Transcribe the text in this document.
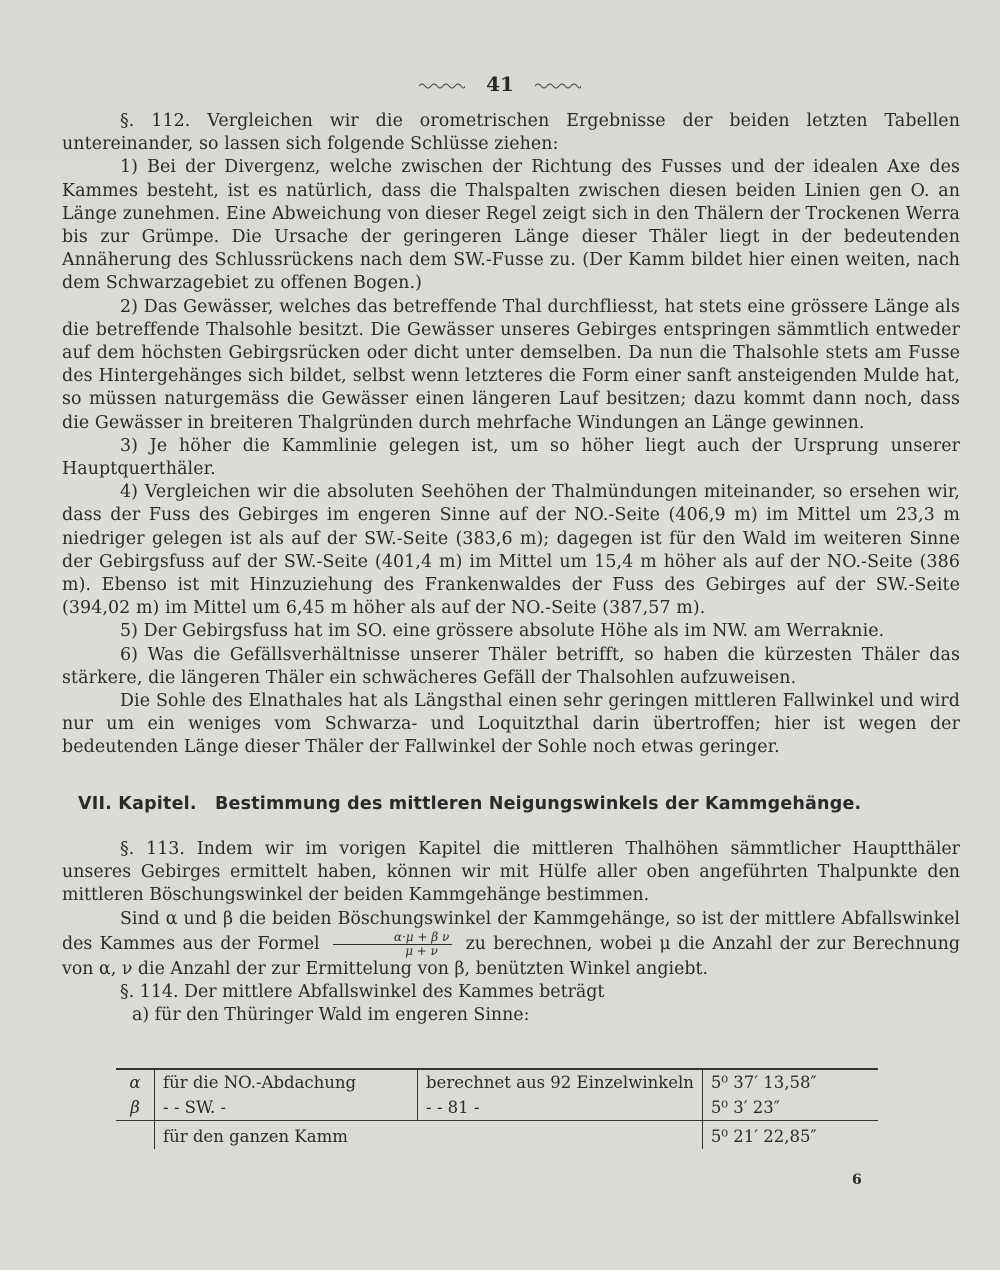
41

§. 112. Vergleichen wir die orometrischen Ergebnisse der beiden letzten Tabellen untereinander, so lassen sich folgende Schlüsse ziehen:

1) Bei der Divergenz, welche zwischen der Richtung des Fusses und der idealen Axe des Kammes besteht, ist es natürlich, dass die Thalspalten zwischen diesen beiden Linien gen O. an Länge zunehmen. Eine Abweichung von dieser Regel zeigt sich in den Thälern der Trockenen Werra bis zur Grümpe. Die Ursache der geringeren Länge dieser Thäler liegt in der bedeutenden Annäherung des Schlussrückens nach dem SW.-Fusse zu. (Der Kamm bildet hier einen weiten, nach dem Schwarzagebiet zu offenen Bogen.)

2) Das Gewässer, welches das betreffende Thal durchfliesst, hat stets eine grössere Länge als die betreffende Thalsohle besitzt. Die Gewässer unseres Gebirges entspringen sämmtlich entweder auf dem höchsten Gebirgsrücken oder dicht unter demselben. Da nun die Thalsohle stets am Fusse des Hintergehänges sich bildet, selbst wenn letzteres die Form einer sanft ansteigenden Mulde hat, so müssen naturgemäss die Gewässer einen längeren Lauf besitzen; dazu kommt dann noch, dass die Gewässer in breiteren Thalgründen durch mehrfache Windungen an Länge gewinnen.

3) Je höher die Kammlinie gelegen ist, um so höher liegt auch der Ursprung unserer Hauptquerthäler.

4) Vergleichen wir die absoluten Seehöhen der Thalmündungen miteinander, so ersehen wir, dass der Fuss des Gebirges im engeren Sinne auf der NO.-Seite (406,9 m) im Mittel um 23,3 m niedriger gelegen ist als auf der SW.-Seite (383,6 m); dagegen ist für den Wald im weiteren Sinne der Gebirgsfuss auf der SW.-Seite (401,4 m) im Mittel um 15,4 m höher als auf der NO.-Seite (386 m). Ebenso ist mit Hinzuziehung des Frankenwaldes der Fuss des Gebirges auf der SW.-Seite (394,02 m) im Mittel um 6,45 m höher als auf der NO.-Seite (387,57 m).

5) Der Gebirgsfuss hat im SO. eine grössere absolute Höhe als im NW. am Werraknie.

6) Was die Gefällsverhältnisse unserer Thäler betrifft, so haben die kürzesten Thäler das stärkere, die längeren Thäler ein schwächeres Gefäll der Thalsohlen aufzuweisen.

Die Sohle des Elnathales hat als Längsthal einen sehr geringen mittleren Fallwinkel und wird nur um ein weniges vom Schwarza- und Loquitzthal darin übertroffen; hier ist wegen der bedeutenden Länge dieser Thäler der Fallwinkel der Sohle noch etwas geringer.

VII. Kapitel. Bestimmung des mittleren Neigungswinkels der Kammgehänge.

§. 113. Indem wir im vorigen Kapitel die mittleren Thalhöhen sämmtlicher Hauptthäler unseres Gebirges ermittelt haben, können wir mit Hülfe aller oben angeführten Thalpunkte den mittleren Böschungswinkel der beiden Kammgehänge bestimmen.

Sind α und β die beiden Böschungswinkel der Kammgehänge, so ist der mittlere Abfallswinkel des Kammes aus der Formel $\frac{\text{α·μ + β ν}}{\mu + \nu}$ zu berechnen, wobei μ die Anzahl der zur Berechnung von α, ν die Anzahl der zur Ermittelung von β, benützten Winkel angiebt.

§. 114. Der mittlere Abfallswinkel des Kammes beträgt

a) für den Thüringer Wald im engeren Sinne:

α	für die NO.-Abdachung	berechnet aus 92 Einzelwinkeln	5⁰ 37′ 13,58″
β	- - SW. -	- - 81 -	5⁰ 3′ 23″
	für den ganzen Kamm		5⁰ 21′ 22,85″
6
